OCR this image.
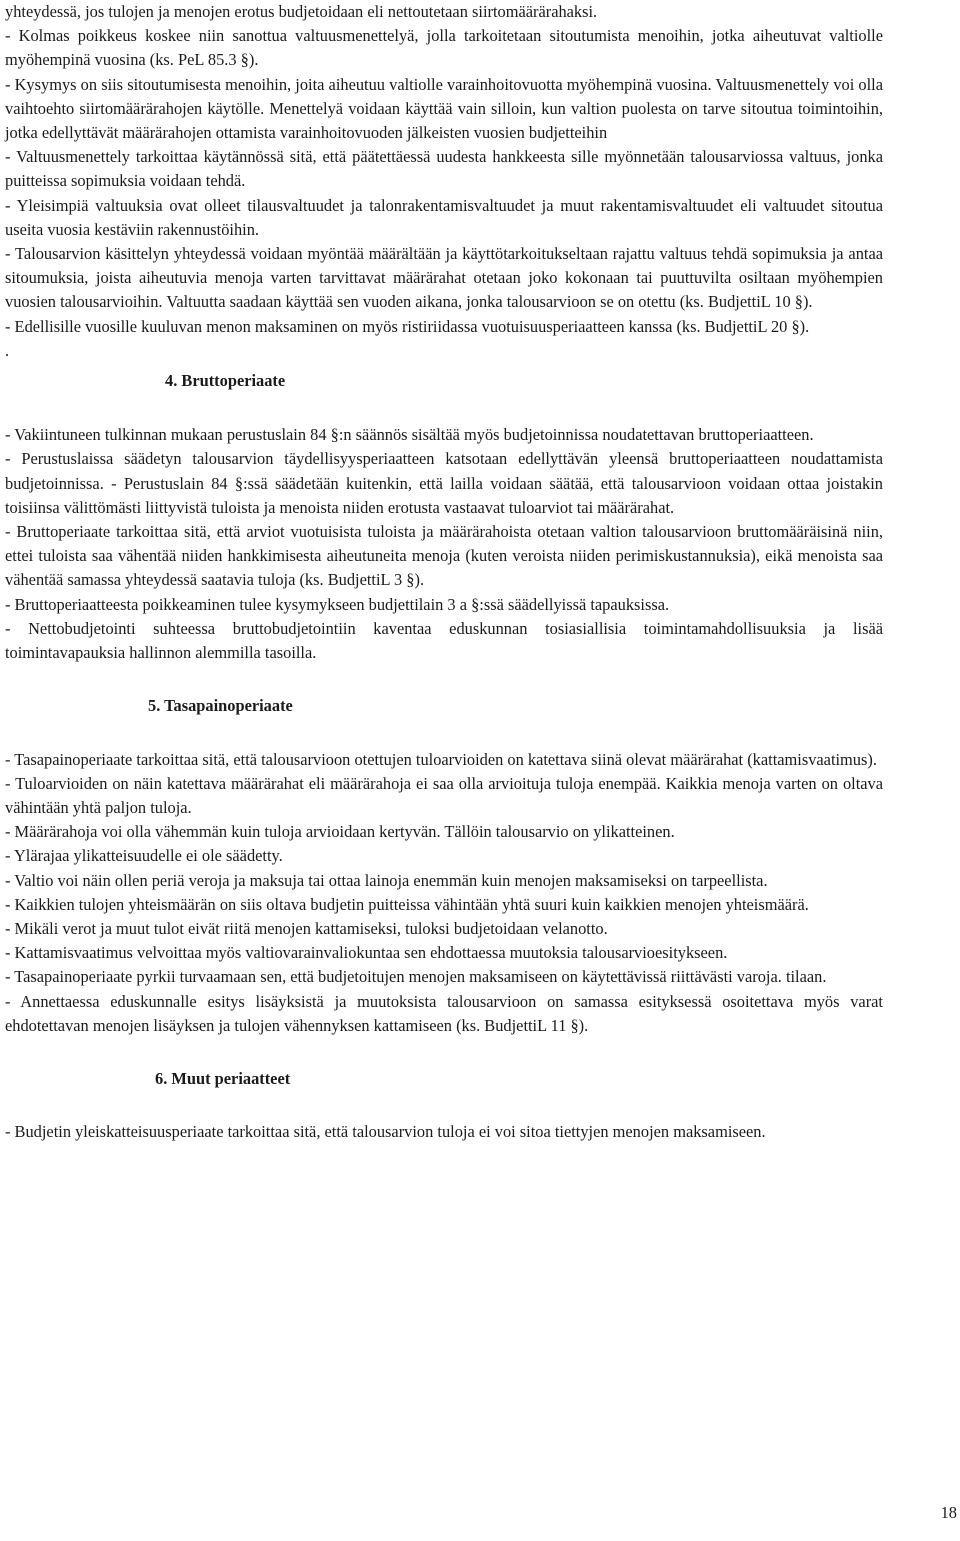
yhteydessä, jos tulojen ja menojen erotus budjetoidaan eli nettoutetaan siirtomäärärahaksi.

- Kolmas poikkeus koskee niin sanottua valtuusmenettelyä, jolla tarkoitetaan sitoutumista menoihin, jotka aiheutuvat valtiolle myöhempinä vuosina (ks. PeL 85.3 §).

- Kysymys on siis sitoutumisesta menoihin, joita aiheutuu valtiolle varainhoitovuotta myöhempinä vuosina. Valtuusmenettely voi olla vaihtoehto siirtomäärärahojen käytölle. Menettelyä voidaan käyttää vain silloin, kun valtion puolesta on tarve sitoutua toimintoihin, jotka edellyttävät määrärahojen ottamista varainhoitovuoden jälkeisten vuosien budjetteihin

- Valtuusmenettely tarkoittaa käytännössä sitä, että päätettäessä uudesta hankkeesta sille myönnetään talousarviossa valtuus, jonka puitteissa sopimuksia voidaan tehdä.

- Yleisimpiä valtuuksia ovat olleet tilausvaltuudet ja talonrakentamisvaltuudet ja muut rakentamisvaltuudet eli valtuudet sitoutua useita vuosia kestäviin rakennustöihin.

- Talousarvion käsittelyn yhteydessä voidaan myöntää määrältään ja käyttötarkoitukseltaan rajattu valtuus tehdä sopimuksia ja antaa sitoumuksia, joista aiheutuvia menoja varten tarvittavat määrärahat otetaan joko kokonaan tai puuttuvilta osiltaan myöhempien vuosien talousarvioihin. Valtuutta saadaan käyttää sen vuoden aikana, jonka talousarvioon se on otettu (ks. BudjettiL 10 §).

- Edellisille vuosille kuuluvan menon maksaminen on myös ristiriidassa vuotuisuusperiaatteen kanssa (ks. BudjettiL 20 §).

.

4. Bruttoperiaate

- Vakiintuneen tulkinnan mukaan perustuslain 84 §:n säännös sisältää myös budjetoinnissa noudatettavan bruttoperiaatteen.

- Perustuslaissa säädetyn talousarvion täydellisyysperiaatteen katsotaan edellyttävän yleensä bruttoperiaatteen noudattamista budjetoinnissa. - Perustuslain 84 §:ssä säädetään kuitenkin, että lailla voidaan säätää, että talousarvioon voidaan ottaa joistakin toisiinsa välittömästi liittyvistä tuloista ja menoista niiden erotusta vastaavat tuloarviot tai määrärahat.

- Bruttoperiaate tarkoittaa sitä, että arviot vuotuisista tuloista ja määrärahoista otetaan valtion talousarvioon bruttomääräisinä niin, ettei tuloista saa vähentää niiden hankkimisesta aiheutuneita menoja (kuten veroista niiden perimiskustannuksia), eikä menoista saa vähentää samassa yhteydessä saatavia tuloja (ks. BudjettiL 3 §).

- Bruttoperiaatteesta poikkeaminen tulee kysymykseen budjettilain 3 a §:ssä säädellyissä tapauksissa.

- Nettobudjetointi suhteessa bruttobudjetointiin kaventaa eduskunnan tosiasiallisia toimintamahdollisuuksia ja lisää toimintavapauksia hallinnon alemmilla tasoilla.

5. Tasapainoperiaate

- Tasapainoperiaate tarkoittaa sitä, että talousarvioon otettujen tuloarvioiden on katettava siinä olevat määrärahat (kattamisvaatimus).

- Tuloarvioiden on näin katettava määrärahat eli määrärahoja ei saa olla arvioituja tuloja enempää. Kaikkia menoja varten on oltava vähintään yhtä paljon tuloja.

- Määrärahoja voi olla vähemmän kuin tuloja arvioidaan kertyvän. Tällöin talousarvio on ylikatteinen.

- Ylärajaa ylikatteisuudelle ei ole säädetty.

- Valtio voi näin ollen periä veroja ja maksuja tai ottaa lainoja enemmän kuin menojen maksamiseksi on tarpeellista.

- Kaikkien tulojen yhteismäärän on siis oltava budjetin puitteissa vähintään yhtä suuri kuin kaikkien menojen yhteismäärä.

- Mikäli verot ja muut tulot eivät riitä menojen kattamiseksi, tuloksi budjetoidaan velanotto.

- Kattamisvaatimus velvoittaa myös valtiovarainvaliokuntaa sen ehdottaessa muutoksia talousarvioesitykseen.

- Tasapainoperiaate pyrkii turvaamaan sen, että budjetoitujen menojen maksamiseen on käytettävissä riittävästi varoja. tilaan.

- Annettaessa eduskunnalle esitys lisäyksistä ja muutoksista talousarvioon on samassa esityksessä osoitettava myös varat ehdotettavan menojen lisäyksen ja tulojen vähennyksen kattamiseen (ks. BudjettiL 11 §).

6. Muut periaatteet

- Budjetin yleiskatteisuusperiaate tarkoittaa sitä, että talousarvion tuloja ei voi sitoa tiettyjen menojen maksamiseen.

18
